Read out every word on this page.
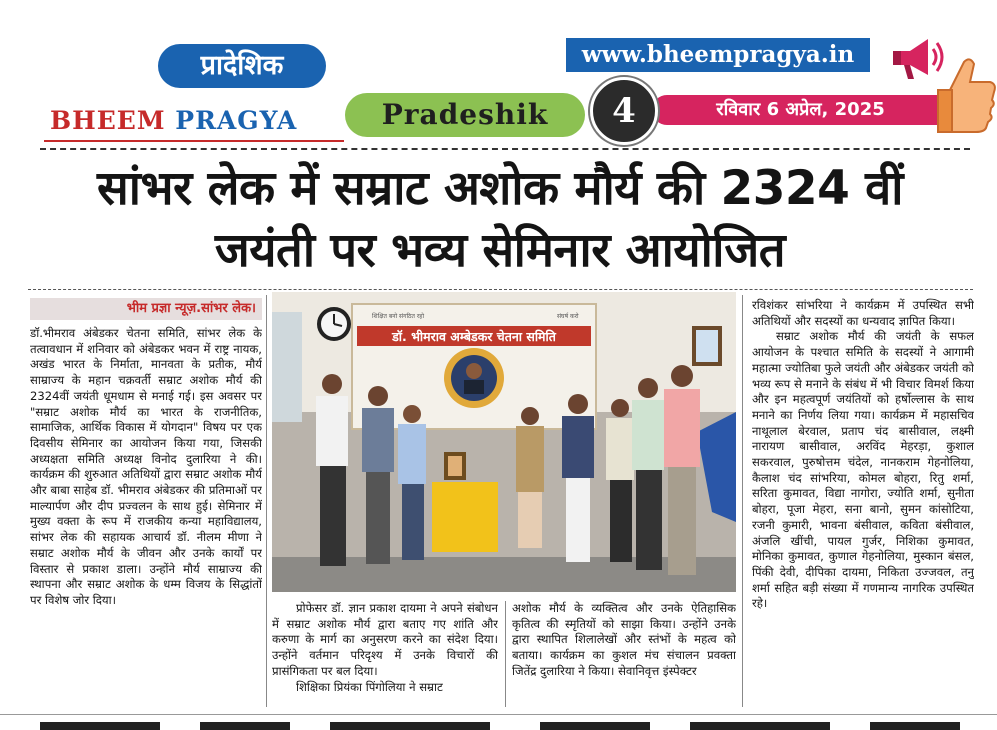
प्रादेशिक
BHEEM PRAGYA	Pradeshik
www.bheempragya.in
रविवार 6 अप्रेल, 2025
4
सांभर लेक में सम्राट अशोक मौर्य की 2324 वीं
जयंती पर भव्य सेमिनार आयोजित
भीम प्रज्ञा न्यूज़.सांभर लेक।

डॉ.भीमराव अंबेडकर चेतना समिति, सांभर लेक के तत्वावधान में शनिवार को अंबेडकर भवन में राष्ट्र नायक, अखंड भारत के निर्माता, मानवता के प्रतीक, मौर्य साम्राज्य के महान चक्रवर्ती सम्राट अशोक मौर्य की 2324वीं जयंती धूमधाम से मनाई गई। इस अवसर पर "सम्राट अशोक मौर्य का भारत के राजनीतिक, सामाजिक, आर्थिक विकास में योगदान" विषय पर एक दिवसीय सेमिनार का आयोजन किया गया, जिसकी अध्यक्षता समिति अध्यक्ष विनोद दुलारिया ने की। कार्यक्रम की शुरुआत अतिथियों द्वारा सम्राट अशोक मौर्य और बाबा साहेब डॉ. भीमराव अंबेडकर की प्रतिमाओं पर माल्यार्पण और दीप प्रज्वलन के साथ हुई। सेमिनार में मुख्य वक्ता के रूप में राजकीय कन्या महाविद्यालय, सांभर लेक की सहायक आचार्य डॉ. नीलम मीणा ने सम्राट अशोक मौर्य के जीवन और उनके कार्यों पर विस्तार से प्रकाश डाला। उन्होंने मौर्य साम्राज्य की स्थापना और सम्राट अशोक के धम्म विजय के सिद्धांतों पर विशेष जोर दिया।

डॉ. भीमराव अम्बेडकर चेतना समिति
शिक्षित बनो संगठित रहो	संघर्ष करो

प्रोफेसर डॉ. ज्ञान प्रकाश दायमा ने अपने संबोधन में सम्राट अशोक मौर्य द्वारा बताए गए शांति और करुणा के मार्ग का अनुसरण करने का संदेश दिया। उन्होंने वर्तमान परिदृश्य में उनके विचारों की प्रासंगिकता पर बल दिया।

शिक्षिका प्रियंका पिंगोलिया ने सम्राट

अशोक मौर्य के व्यक्तित्व और उनके ऐतिहासिक कृतित्व की स्मृतियों को साझा किया। उन्होंने उनके द्वारा स्थापित शिलालेखों और स्तंभों के महत्व को बताया। कार्यक्रम का कुशल मंच संचालन प्रवक्ता जितेंद्र दुलारिया ने किया। सेवानिवृत्त इंस्पेक्टर

रविशंकर सांभरिया ने कार्यक्रम में उपस्थित सभी अतिथियों और सदस्यों का धन्यवाद ज्ञापित किया।

सम्राट अशोक मौर्य की जयंती के सफल आयोजन के पश्चात समिति के सदस्यों ने आगामी महात्मा ज्योतिबा फुले जयंती और अंबेडकर जयंती को भव्य रूप से मनाने के संबंध में भी विचार विमर्श किया और इन महत्वपूर्ण जयंतियों को हर्षोल्लास के साथ मनाने का निर्णय लिया गया। कार्यक्रम में महासचिव नाथूलाल बेरवाल, प्रताप चंद बासीवाल, लक्ष्मी नारायण बासीवाल, अरविंद मेहरड़ा, कुशाल सकरवाल, पुरुषोत्तम चंदेल, नानकराम गेहनोलिया, कैलाश चंद सांभरिया, कोमल बोहरा, रितु शर्मा, सरिता कुमावत, विद्या नागोरा, ज्योति शर्मा, सुनीता बोहरा, पूजा मेहरा, सना बानो, सुमन कांसोटिया, रजनी कुमारी, भावना बंसीवाल, कविता बंसीवाल, अंजलि खींची, पायल गुर्जर, निशिका कुमावत, मोनिका कुमावत, कुणाल गेहनोलिया, मुस्कान बंसल, पिंकी देवी, दीपिका दायमा, निकिता उज्जवल, तनु शर्मा सहित बड़ी संख्या में गणमान्य नागरिक उपस्थित रहे।
